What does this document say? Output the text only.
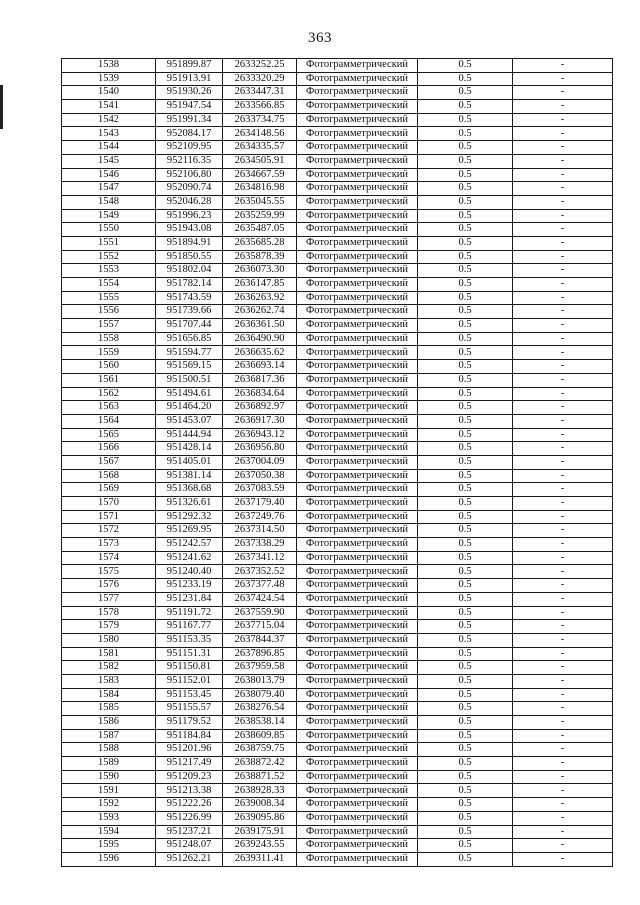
363
1538	951899.87	2633252.25	Фотограмметрический	0.5	-
1539	951913.91	2633320.29	Фотограмметрический	0.5	-
1540	951930.26	2633447.31	Фотограмметрический	0.5	-
1541	951947.54	2633566.85	Фотограмметрический	0.5	-
1542	951991.34	2633734.75	Фотограмметрический	0.5	-
1543	952084.17	2634148.56	Фотограмметрический	0.5	-
1544	952109.95	2634335.57	Фотограмметрический	0.5	-
1545	952116.35	2634505.91	Фотограмметрический	0.5	-
1546	952106.80	2634667.59	Фотограмметрический	0.5	-
1547	952090.74	2634816.98	Фотограмметрический	0.5	-
1548	952046.28	2635045.55	Фотограмметрический	0.5	-
1549	951996.23	2635259.99	Фотограмметрический	0.5	-
1550	951943.08	2635487.05	Фотограмметрический	0.5	-
1551	951894.91	2635685.28	Фотограмметрический	0.5	-
1552	951850.55	2635878.39	Фотограмметрический	0.5	-
1553	951802.04	2636073.30	Фотограмметрический	0.5	-
1554	951782.14	2636147.85	Фотограмметрический	0.5	-
1555	951743.59	2636263.92	Фотограмметрический	0.5	-
1556	951739.66	2636262.74	Фотограмметрический	0.5	-
1557	951707.44	2636361.50	Фотограмметрический	0.5	-
1558	951656.85	2636490.90	Фотограмметрический	0.5	-
1559	951594.77	2636635.62	Фотограмметрический	0.5	-
1560	951569.15	2636693.14	Фотограмметрический	0.5	-
1561	951500.51	2636817.36	Фотограмметрический	0.5	-
1562	951494.61	2636834.64	Фотограмметрический	0.5	-
1563	951464.20	2636892.97	Фотограмметрический	0.5	-
1564	951453.07	2636917.30	Фотограмметрический	0.5	-
1565	951444.94	2636943.12	Фотограмметрический	0.5	-
1566	951428.14	2636956.80	Фотограмметрический	0.5	-
1567	951405.01	2637004.09	Фотограмметрический	0.5	-
1568	951381.14	2637050.38	Фотограмметрический	0.5	-
1569	951368.68	2637083.59	Фотограмметрический	0.5	-
1570	951326.61	2637179.40	Фотограмметрический	0.5	-
1571	951292.32	2637249.76	Фотограмметрический	0.5	-
1572	951269.95	2637314.50	Фотограмметрический	0.5	-
1573	951242.57	2637338.29	Фотограмметрический	0.5	-
1574	951241.62	2637341.12	Фотограмметрический	0.5	-
1575	951240.40	2637352.52	Фотограмметрический	0.5	-
1576	951233.19	2637377.48	Фотограмметрический	0.5	-
1577	951231.84	2637424.54	Фотограмметрический	0.5	-
1578	951191.72	2637559.90	Фотограмметрический	0.5	-
1579	951167.77	2637715.04	Фотограмметрический	0.5	-
1580	951153.35	2637844.37	Фотограмметрический	0.5	-
1581	951151.31	2637896.85	Фотограмметрический	0.5	-
1582	951150.81	2637959.58	Фотограмметрический	0.5	-
1583	951152.01	2638013.79	Фотограмметрический	0.5	-
1584	951153.45	2638079.40	Фотограмметрический	0.5	-
1585	951155.57	2638276.54	Фотограмметрический	0.5	-
1586	951179.52	2638538.14	Фотограмметрический	0.5	-
1587	951184.84	2638609.85	Фотограмметрический	0.5	-
1588	951201.96	2638759.75	Фотограмметрический	0.5	-
1589	951217.49	2638872.42	Фотограмметрический	0.5	-
1590	951209.23	2638871.52	Фотограмметрический	0.5	-
1591	951213.38	2638928.33	Фотограмметрический	0.5	-
1592	951222.26	2639008.34	Фотограмметрический	0.5	-
1593	951226.99	2639095.86	Фотограмметрический	0.5	-
1594	951237.21	2639175.91	Фотограмметрический	0.5	-
1595	951248.07	2639243.55	Фотограмметрический	0.5	-
1596	951262.21	2639311.41	Фотограмметрический	0.5	-
